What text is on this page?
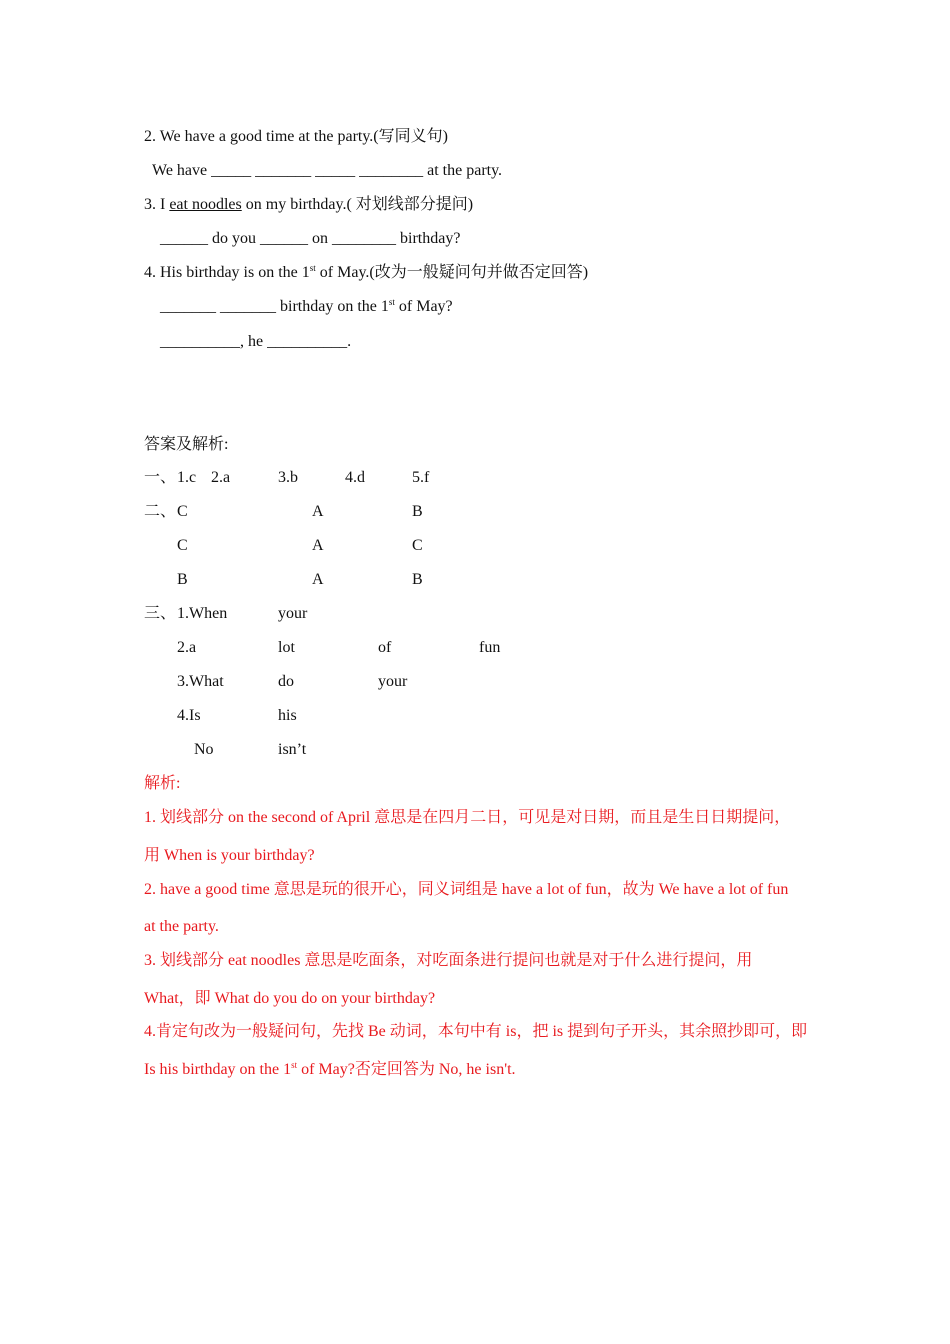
2. We have a good time at the party.(写同义句)
We have _____ _______ _____ ________ at the party.
3. I eat noodles on my birthday.( 对划线部分提问)
______ do you ______ on ________ birthday?
4. His birthday is on the 1st of May.(改为一般疑问句并做否定回答)
_______ _______ birthday on the 1st of May?
__________, he __________.
答案及解析:
一、 1.c 2.a	3.b	4.d	5.f
二、 C	A	B
C	A	C
B	A	B
三、 1.When	your
2.a	lot	of	fun
3.What	do	your
4.Is	his
No	isn’t
解析:
1. 划线部分 on the second of April 意思是在四月二日，可见是对日期，而且是生日日期提问，
用 When is your birthday?
2. have a good time 意思是玩的很开心，同义词组是 have a lot of fun，故为 We have a lot of fun
at the party.
3. 划线部分 eat noodles 意思是吃面条，对吃面条进行提问也就是对于什么进行提问，用
What，即 What do you do on your birthday?
4.肯定句改为一般疑问句，先找 Be 动词，本句中有 is，把 is 提到句子开头，其余照抄即可，即
Is his birthday on the 1st of May?否定回答为 No, he isn't.
